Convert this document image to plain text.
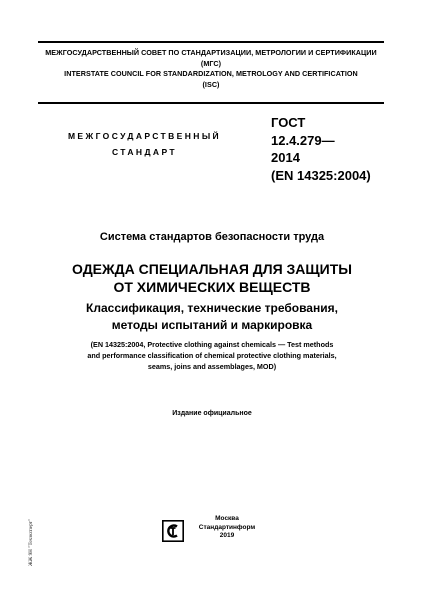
МЕЖГОСУДАРСТВЕННЫЙ СОВЕТ ПО СТАНДАРТИЗАЦИИ, МЕТРОЛОГИИ И СЕРТИФИКАЦИИ
(МГС)
INTERSTATE COUNCIL FOR STANDARDIZATION, METROLOGY AND CERTIFICATION
(ISC)
МЕЖГОСУДАРСТВЕННЫЙ
СТАНДАРТ
ГОСТ
12.4.279—
2014
(EN 14325:2004)
Система стандартов безопасности труда
ОДЕЖДА СПЕЦИАЛЬНАЯ ДЛЯ ЗАЩИТЫ
ОТ ХИМИЧЕСКИХ ВЕЩЕСТВ
Классификация, технические требования,
методы испытаний и маркировка
(EN 14325:2004, Protective clothing against chemicals — Test methods
and performance classification of chemical protective clothing materials,
seams, joins and assemblages, MOD)
Издание официальное
Москва
Стандартинформ
2019
ЖЖ 9Н "Техэксперт"
